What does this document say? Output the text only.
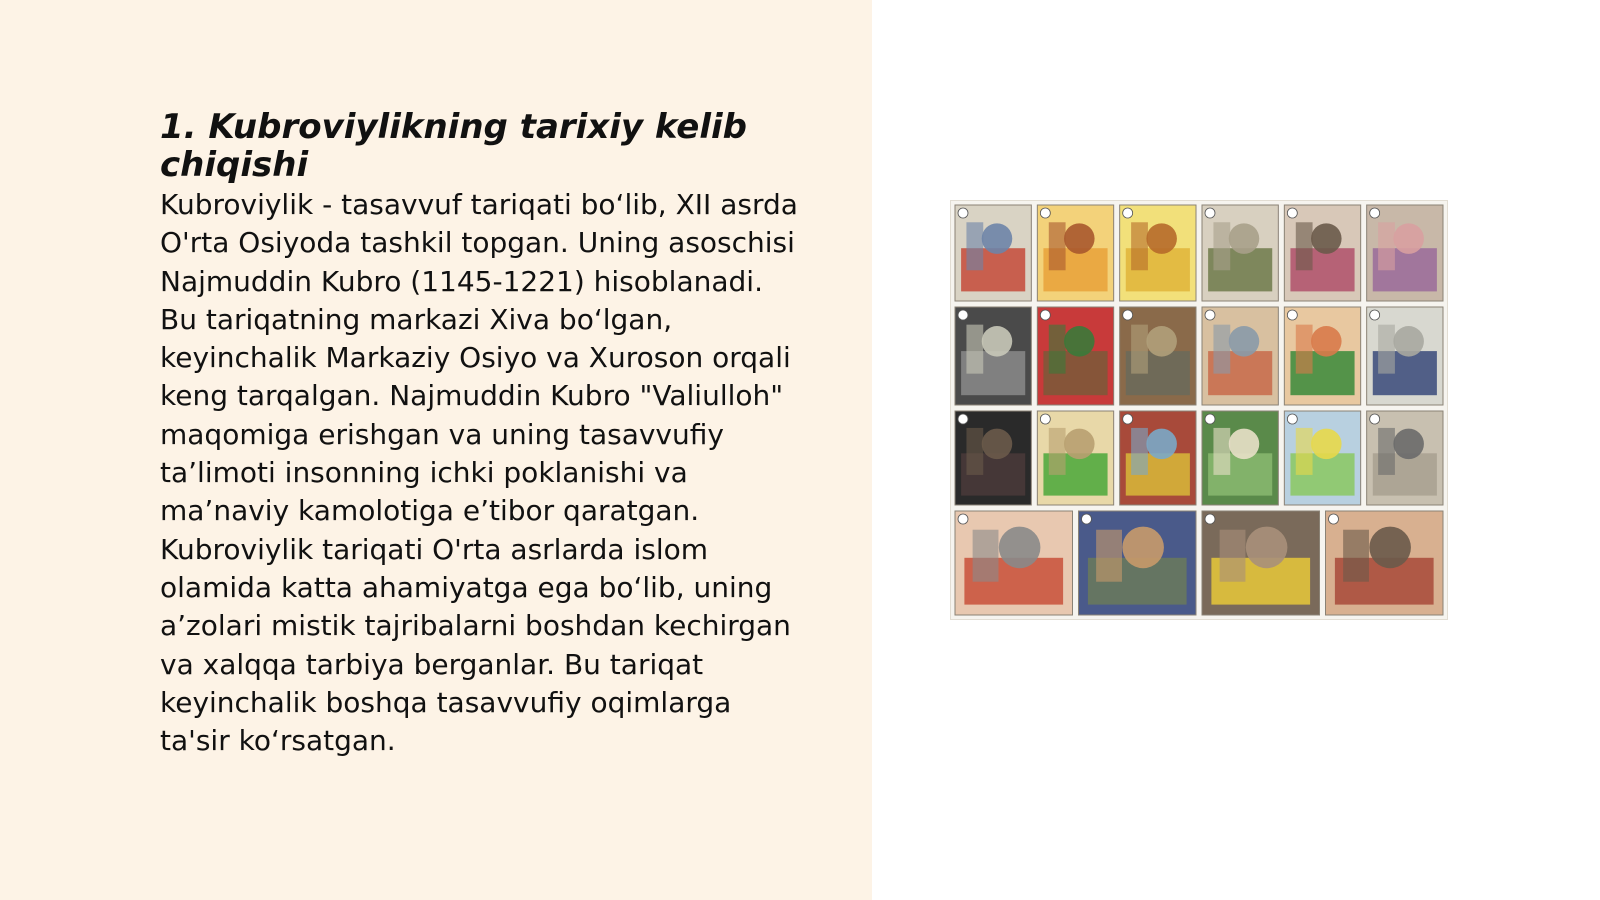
1. Kubroviylikning tarixiy kelib chiqishi

Kubroviylik - tasavvuf tariqati bo‘lib, XII asrda
O'rta Osiyoda tashkil topgan. Uning asoschisi
Najmuddin Kubro (1145-1221) hisoblanadi.
Bu tariqatning markazi Xiva bo‘lgan,
keyinchalik Markaziy Osiyo va Xuroson orqali
keng tarqalgan. Najmuddin Kubro "Valiulloh"
maqomiga erishgan va uning tasavvufiy
ta’limoti insonning ichki poklanishi va
ma’naviy kamolotiga e’tibor qaratgan.
Kubroviylik tariqati O'rta asrlarda islom
olamida katta ahamiyatga ega bo‘lib, uning
a’zolari mistik tajribalarni boshdan kechirgan
va xalqqa tarbiya berganlar. Bu tariqat
keyinchalik boshqa tasavvufiy oqimlarga
ta'sir ko‘rsatgan.
